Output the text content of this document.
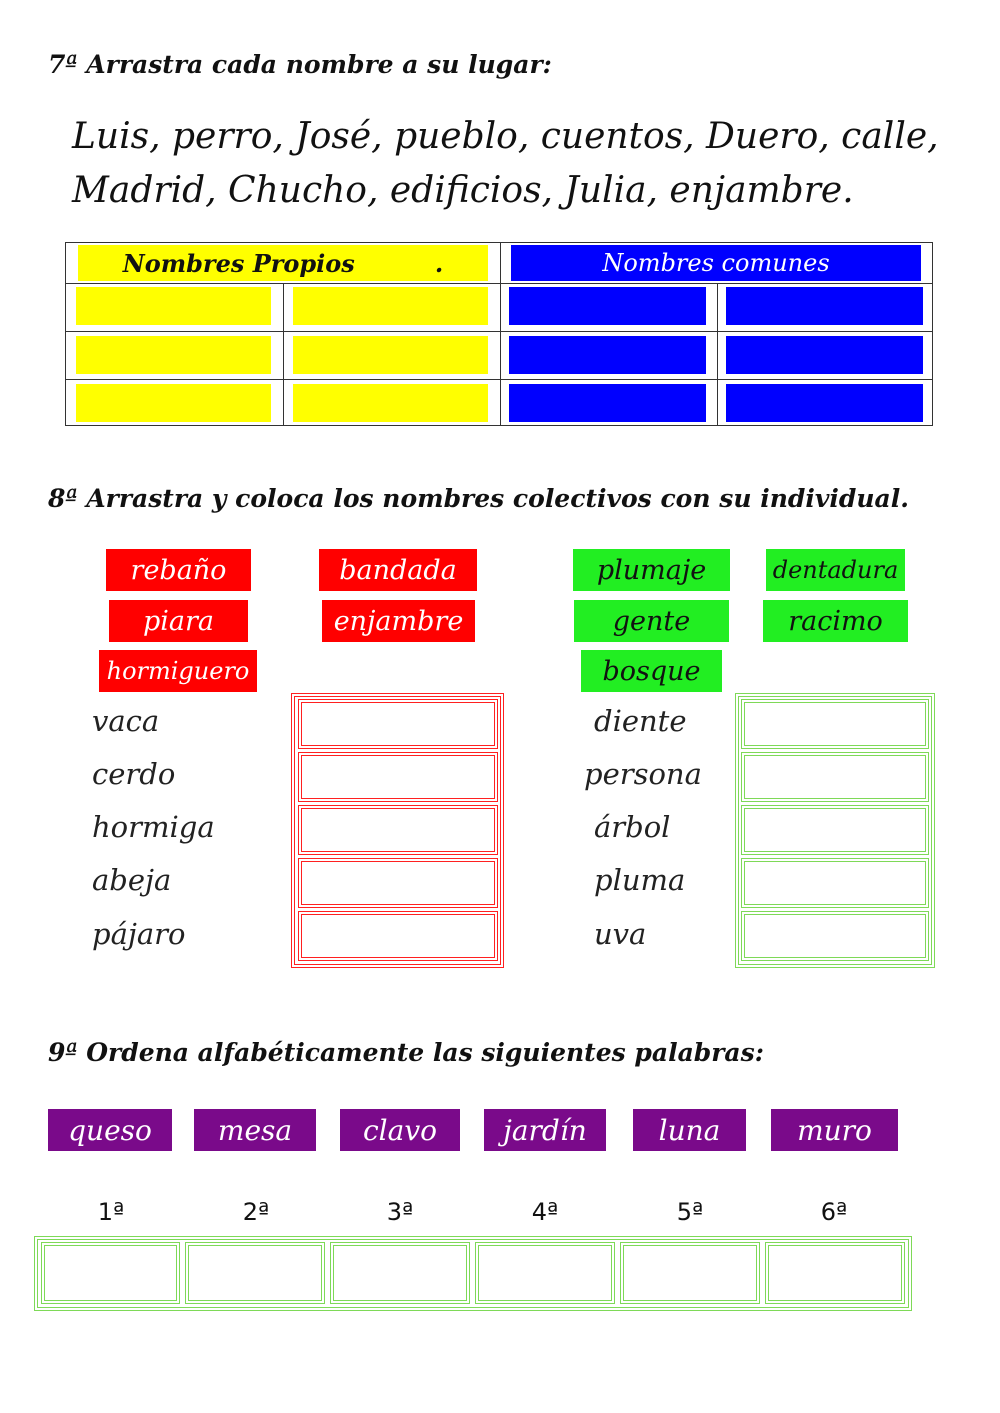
7ª Arrastra cada nombre a su lugar:
Luis, perro, José, pueblo, cuentos, Duero, calle,
Madrid, Chucho, edificios, Julia, enjambre.
Nombres Propios	.	Nombres comunes
8ª Arrastra y coloca los nombres colectivos con su individual.
rebaño	bandada
piara	enjambre
hormiguero
plumaje	dentadura
gente	racimo
bosque
vaca
cerdo
hormiga
abeja
pájaro
diente
persona
árbol
pluma
uva
9ª Ordena alfabéticamente las siguientes palabras:
queso	mesa	clavo	jardín	luna	muro
1ª	2ª	3ª	4ª	5ª	6ª
